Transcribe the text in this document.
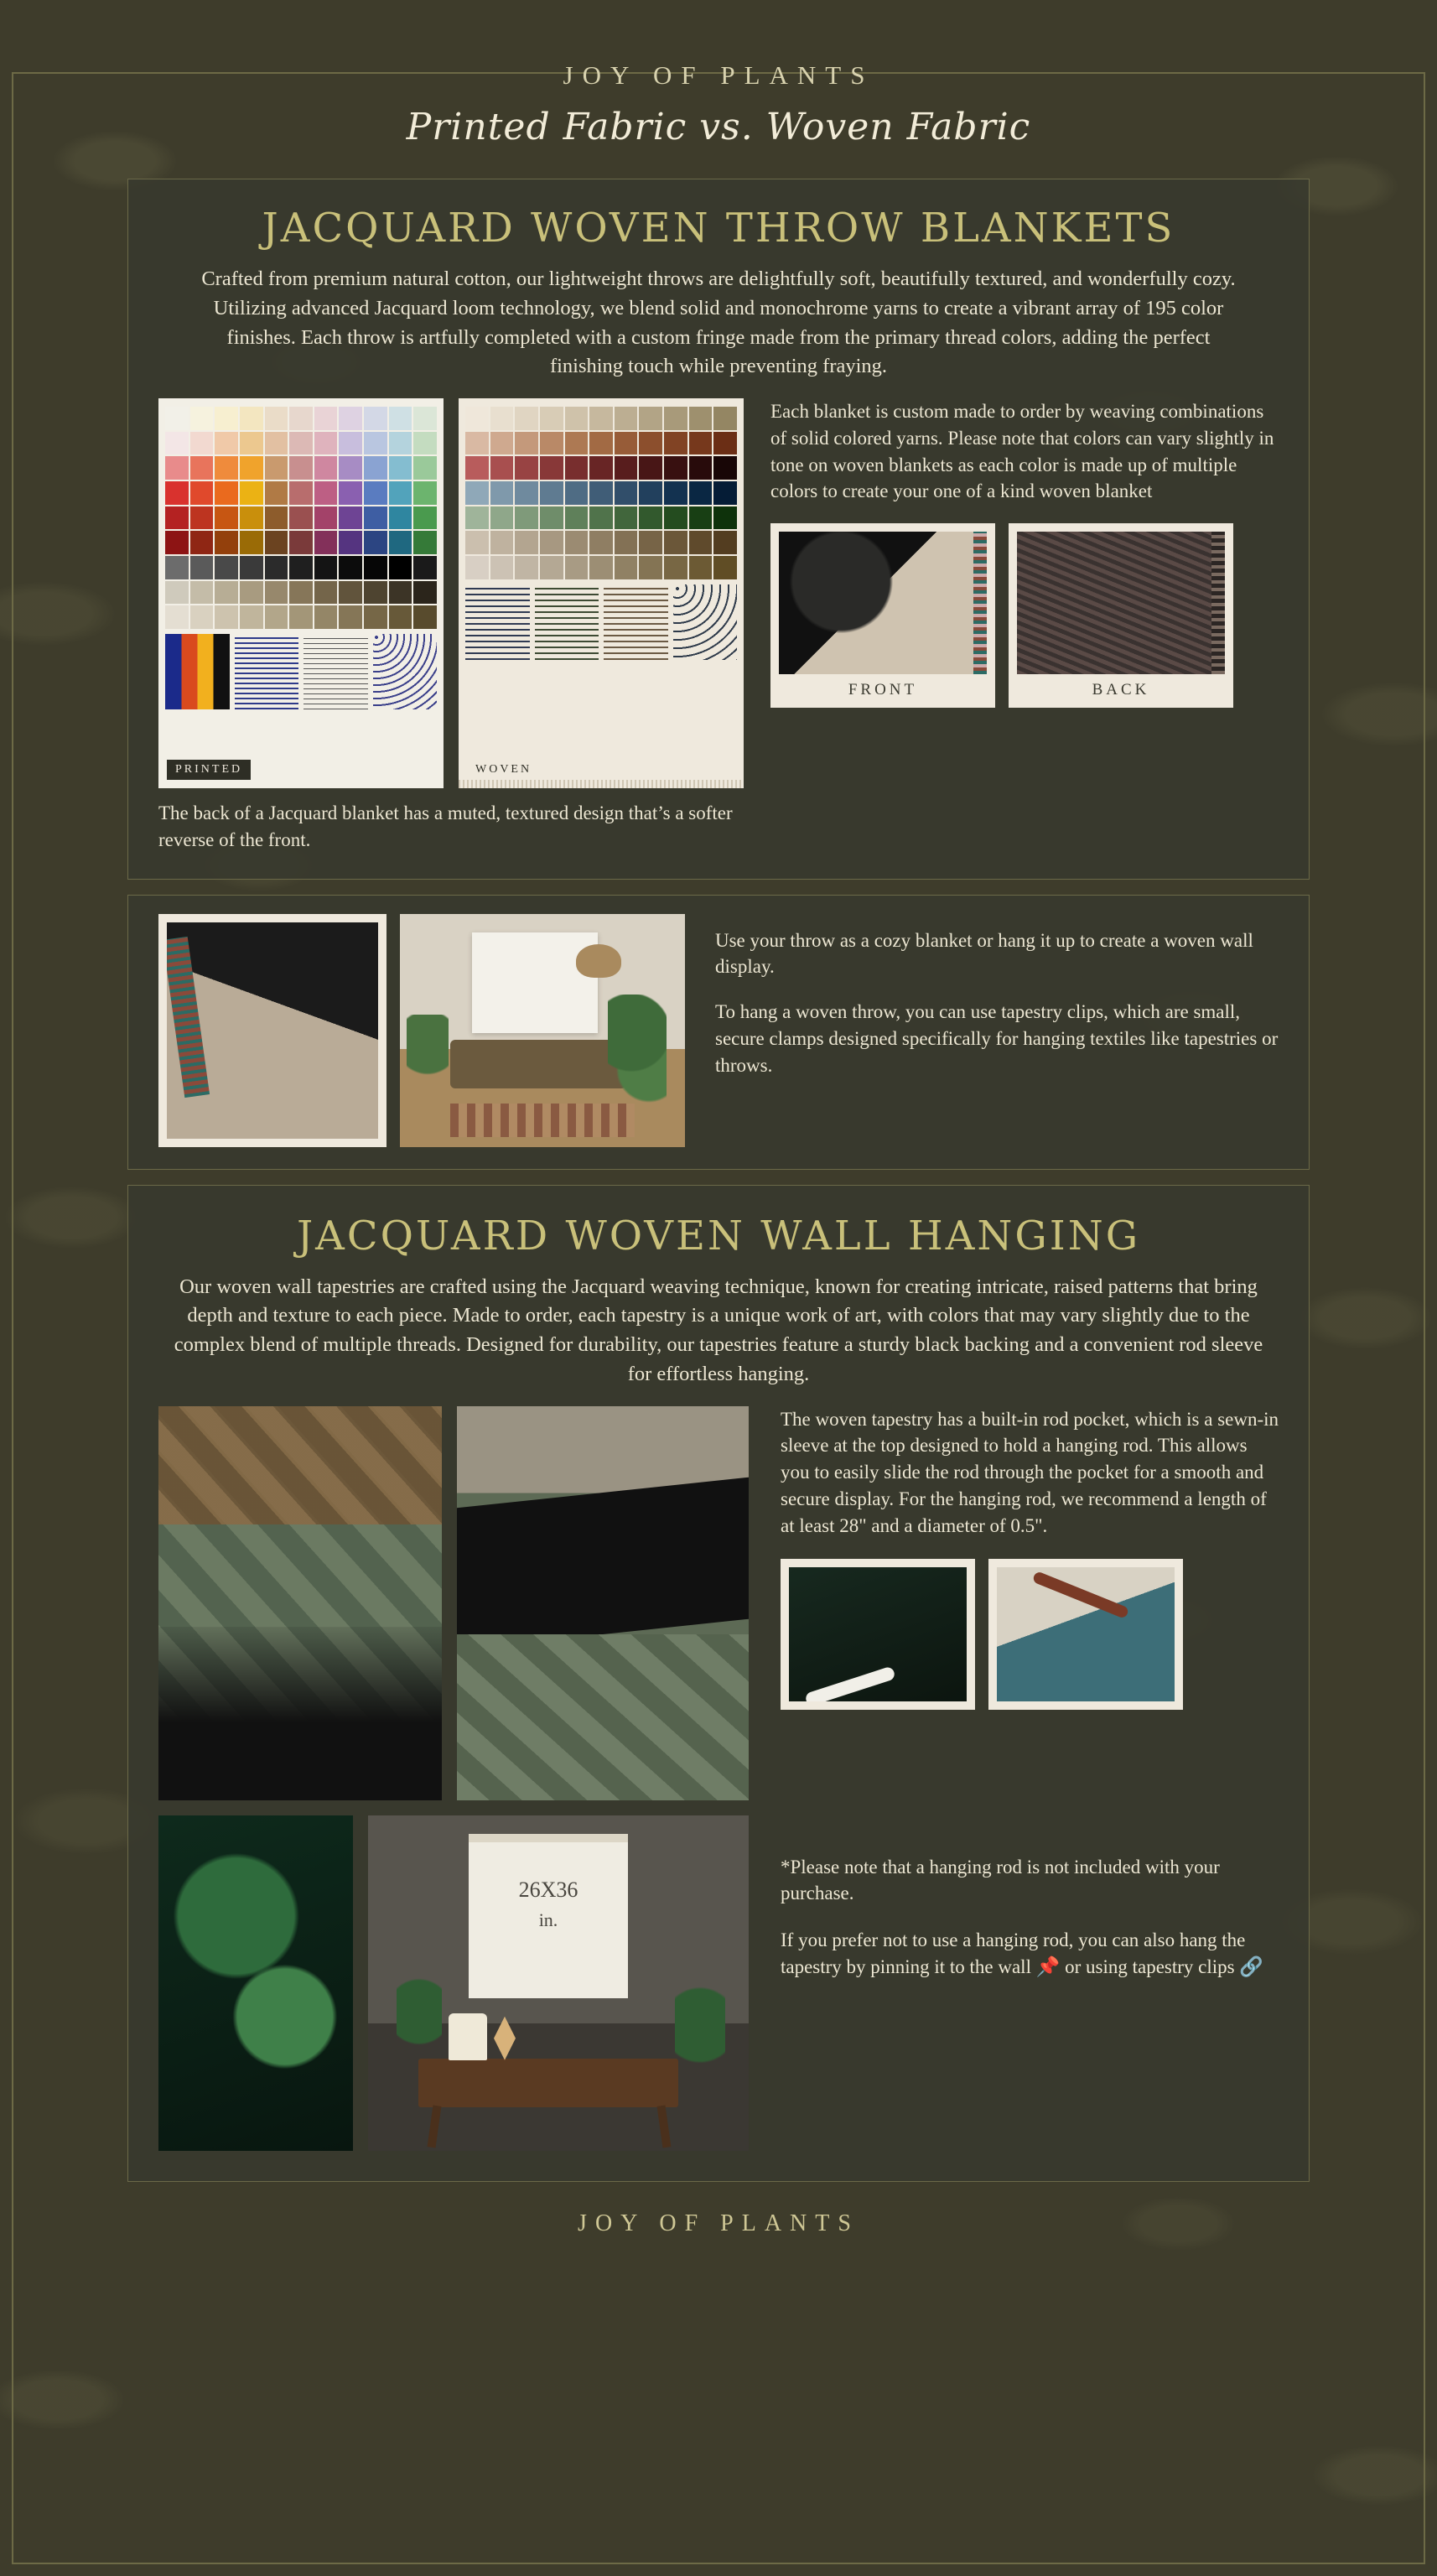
JOY OF PLANTS
Printed Fabric vs. Woven Fabric
JACQUARD WOVEN THROW BLANKETS
Crafted from premium natural cotton, our lightweight throws are delightfully soft, beautifully textured, and wonderfully cozy. Utilizing advanced Jacquard loom technology, we blend solid and monochrome yarns to create a vibrant array of 195 color finishes. Each throw is artfully completed with a custom fringe made from the primary thread colors, adding the perfect finishing touch while preventing fraying.
PRINTED	WOVEN
Each blanket is custom made to order by weaving combinations of solid colored yarns. Please note that colors can vary slightly in tone on woven blankets as each color is made up of multiple colors to create your one of a kind woven blanket
FRONT	BACK
The back of a Jacquard blanket has a muted, textured design that’s a softer reverse of the front.
Use your throw as a cozy blanket or hang it up to create a woven wall display.
To hang a woven throw, you can use tapestry clips, which are small, secure clamps designed specifically for hanging textiles like tapestries or throws.
JACQUARD WOVEN WALL HANGING
Our woven wall tapestries are crafted using the Jacquard weaving technique, known for creating intricate, raised patterns that bring depth and texture to each piece. Made to order, each tapestry is a unique work of art, with colors that may vary slightly due to the complex blend of multiple threads. Designed for durability, our tapestries feature a sturdy black backing and a convenient rod sleeve for effortless hanging.
The woven tapestry has a built-in rod pocket, which is a sewn-in sleeve at the top designed to hold a hanging rod. This allows you to easily slide the rod through the pocket for a smooth and secure display. For the hanging rod, we recommend a length of at least 28" and a diameter of 0.5".
26X36
in.
*Please note that a hanging rod is not included with your purchase.
If you prefer not to use a hanging rod, you can also hang the tapestry by pinning it to the wall 📌 or using tapestry clips 🔗
JOY OF PLANTS
